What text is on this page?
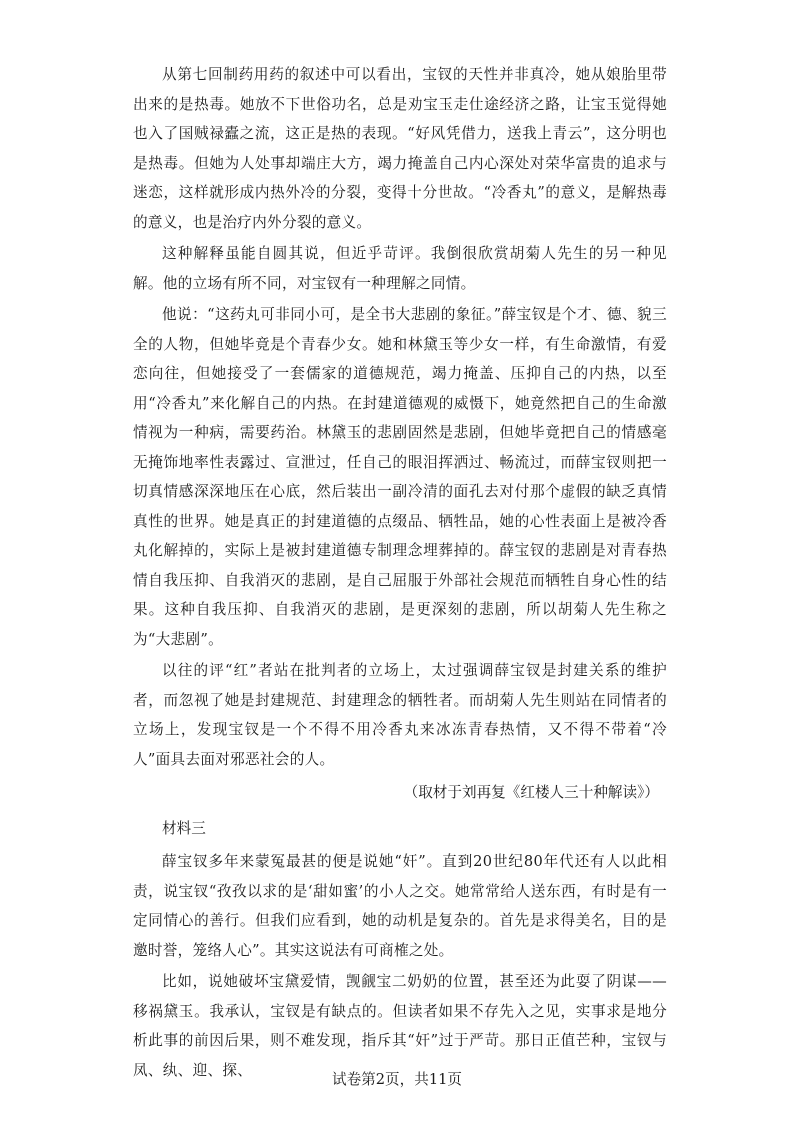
从第七回制药用药的叙述中可以看出，宝钗的天性并非真冷，她从娘胎里带出来的是热毒。她放不下世俗功名，总是劝宝玉走仕途经济之路，让宝玉觉得她也入了国贼禄蠹之流，这正是热的表现。“好风凭借力，送我上青云”，这分明也是热毒。但她为人处事却端庄大方，竭力掩盖自己内心深处对荣华富贵的追求与迷恋，这样就形成内热外冷的分裂，变得十分世故。“冷香丸”的意义，是解热毒的意义，也是治疗内外分裂的意义。

这种解释虽能自圆其说，但近乎苛评。我倒很欣赏胡菊人先生的另一种见解。他的立场有所不同，对宝钗有一种理解之同情。

他说：“这药丸可非同小可，是全书大悲剧的象征。”薛宝钗是个才、德、貌三全的人物，但她毕竟是个青春少女。她和林黛玉等少女一样，有生命激情，有爱恋向往，但她接受了一套儒家的道德规范，竭力掩盖、压抑自己的内热，以至用“冷香丸”来化解自己的内热。在封建道德观的威慑下，她竟然把自己的生命激情视为一种病，需要药治。林黛玉的悲剧固然是悲剧，但她毕竟把自己的情感毫无掩饰地率性表露过、宣泄过，任自己的眼泪挥洒过、畅流过，而薛宝钗则把一切真情感深深地压在心底，然后装出一副冷清的面孔去对付那个虚假的缺乏真情真性的世界。她是真正的封建道德的点缀品、牺牲品，她的心性表面上是被冷香丸化解掉的，实际上是被封建道德专制理念埋葬掉的。薛宝钗的悲剧是对青春热情自我压抑、自我消灭的悲剧，是自己屈服于外部社会规范而牺牲自身心性的结果。这种自我压抑、自我消灭的悲剧，是更深刻的悲剧，所以胡菊人先生称之为“大悲剧”。

以往的评“红”者站在批判者的立场上，太过强调薛宝钗是封建关系的维护者，而忽视了她是封建规范、封建理念的牺牲者。而胡菊人先生则站在同情者的立场上，发现宝钗是一个不得不用冷香丸来冰冻青春热情，又不得不带着“冷人”面具去面对邪恶社会的人。

（取材于刘再复《红楼人三十种解读》）

材料三

薛宝钗多年来蒙冤最甚的便是说她“奸”。直到20世纪80年代还有人以此相责，说宝钗“孜孜以求的是‘甜如蜜’的小人之交。她常常给人送东西，有时是有一定同情心的善行。但我们应看到，她的动机是复杂的。首先是求得美名，目的是邀时誉，笼络人心”。其实这说法有可商榷之处。

比如，说她破坏宝黛爱情，觊觎宝二奶奶的位置，甚至还为此耍了阴谋——移祸黛玉。我承认，宝钗是有缺点的。但读者如果不存先入之见，实事求是地分析此事的前因后果，则不难发现，指斥其“奸”过于严苛。那日正值芒种，宝钗与凤、纨、迎、探、

试卷第2页，共11页
